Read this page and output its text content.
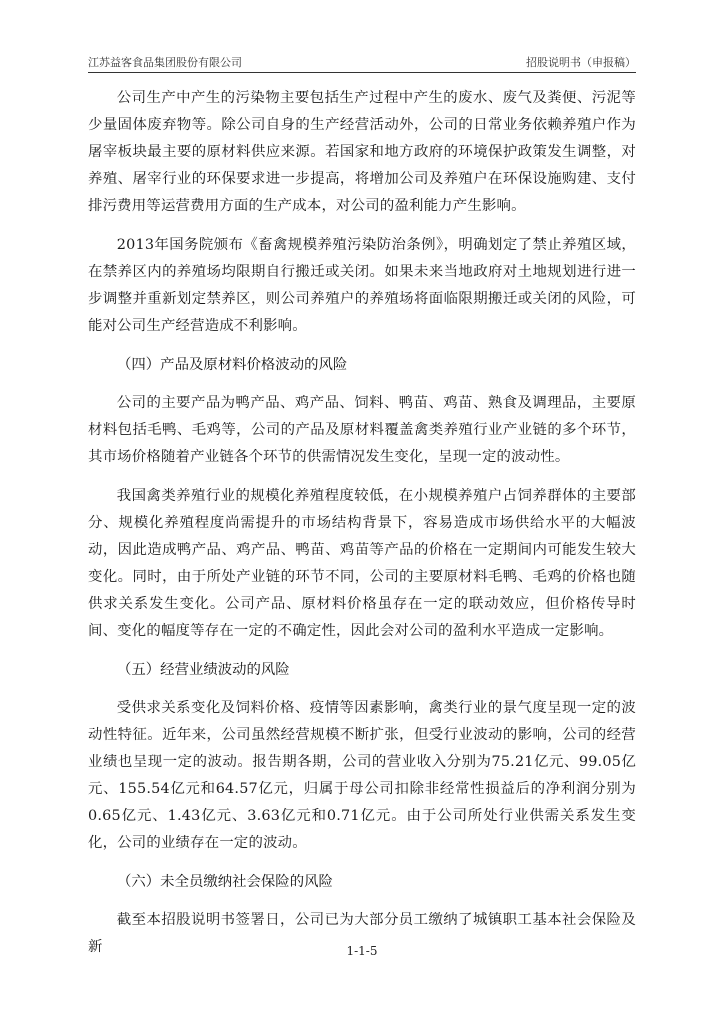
江苏益客食品集团股份有限公司	招股说明书（申报稿）

公司生产中产生的污染物主要包括生产过程中产生的废水、废气及粪便、污泥等少量固体废弃物等。除公司自身的生产经营活动外，公司的日常业务依赖养殖户作为屠宰板块最主要的原材料供应来源。若国家和地方政府的环境保护政策发生调整，对养殖、屠宰行业的环保要求进一步提高，将增加公司及养殖户在环保设施购建、支付排污费用等运营费用方面的生产成本，对公司的盈利能力产生影响。

2013年国务院颁布《畜禽规模养殖污染防治条例》，明确划定了禁止养殖区域，在禁养区内的养殖场均限期自行搬迁或关闭。如果未来当地政府对土地规划进行进一步调整并重新划定禁养区，则公司养殖户的养殖场将面临限期搬迁或关闭的风险，可能对公司生产经营造成不利影响。

（四）产品及原材料价格波动的风险

公司的主要产品为鸭产品、鸡产品、饲料、鸭苗、鸡苗、熟食及调理品，主要原材料包括毛鸭、毛鸡等，公司的产品及原材料覆盖禽类养殖行业产业链的多个环节，其市场价格随着产业链各个环节的供需情况发生变化，呈现一定的波动性。

我国禽类养殖行业的规模化养殖程度较低，在小规模养殖户占饲养群体的主要部分、规模化养殖程度尚需提升的市场结构背景下，容易造成市场供给水平的大幅波动，因此造成鸭产品、鸡产品、鸭苗、鸡苗等产品的价格在一定期间内可能发生较大变化。同时，由于所处产业链的环节不同，公司的主要原材料毛鸭、毛鸡的价格也随供求关系发生变化。公司产品、原材料价格虽存在一定的联动效应，但价格传导时间、变化的幅度等存在一定的不确定性，因此会对公司的盈利水平造成一定影响。

（五）经营业绩波动的风险

受供求关系变化及饲料价格、疫情等因素影响，禽类行业的景气度呈现一定的波动性特征。近年来，公司虽然经营规模不断扩张，但受行业波动的影响，公司的经营业绩也呈现一定的波动。报告期各期，公司的营业收入分别为75.21亿元、99.05亿元、155.54亿元和64.57亿元，归属于母公司扣除非经常性损益后的净利润分别为0.65亿元、1.43亿元、3.63亿元和0.71亿元。由于公司所处行业供需关系发生变化，公司的业绩存在一定的波动。

（六）未全员缴纳社会保险的风险

截至本招股说明书签署日，公司已为大部分员工缴纳了城镇职工基本社会保险及新	1-1-5
